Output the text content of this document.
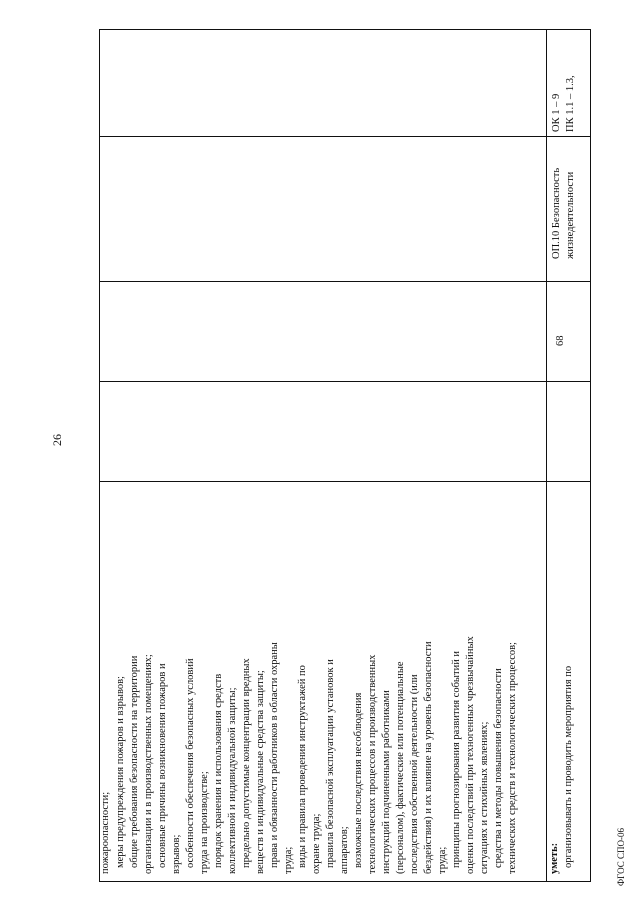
26
ФГОС СПО-06
пожароопасности; меры предупреждения пожаров и взрывов; общие требования безопасности на территории организации и в производственных помещениях; основные причины возникновения пожаров и взрывов; особенности обеспечения безопасных условий труда на производстве; порядок хранения и использования средств коллективной и индивидуальной защиты; предельно допустимые концентрации вредных веществ и индивидуальные средства защиты; права и обязанности работников в области охраны труда; виды и правила проведения инструктажей по охране труда; правила безопасной эксплуатации установок и аппаратов; возможные последствия несоблюдения технологических процессов и производственных инструкций подчиненными работниками (персоналом), фактические или потенциальные последствия собственной деятельности (или бездействия) и их влияние на уровень безопасности труда; принципы прогнозирования развития событий и оценки последствий при техногенных чрезвычайных ситуациях и стихийных явлениях; средства и методы повышения безопасности технических средств и технологических процессов;	уметь: организовывать и проводить мероприятия по
68
ОП.10 Безопасность жизнедеятельности
ОК 1 – 9 ПК 1.1 – 1.3,
